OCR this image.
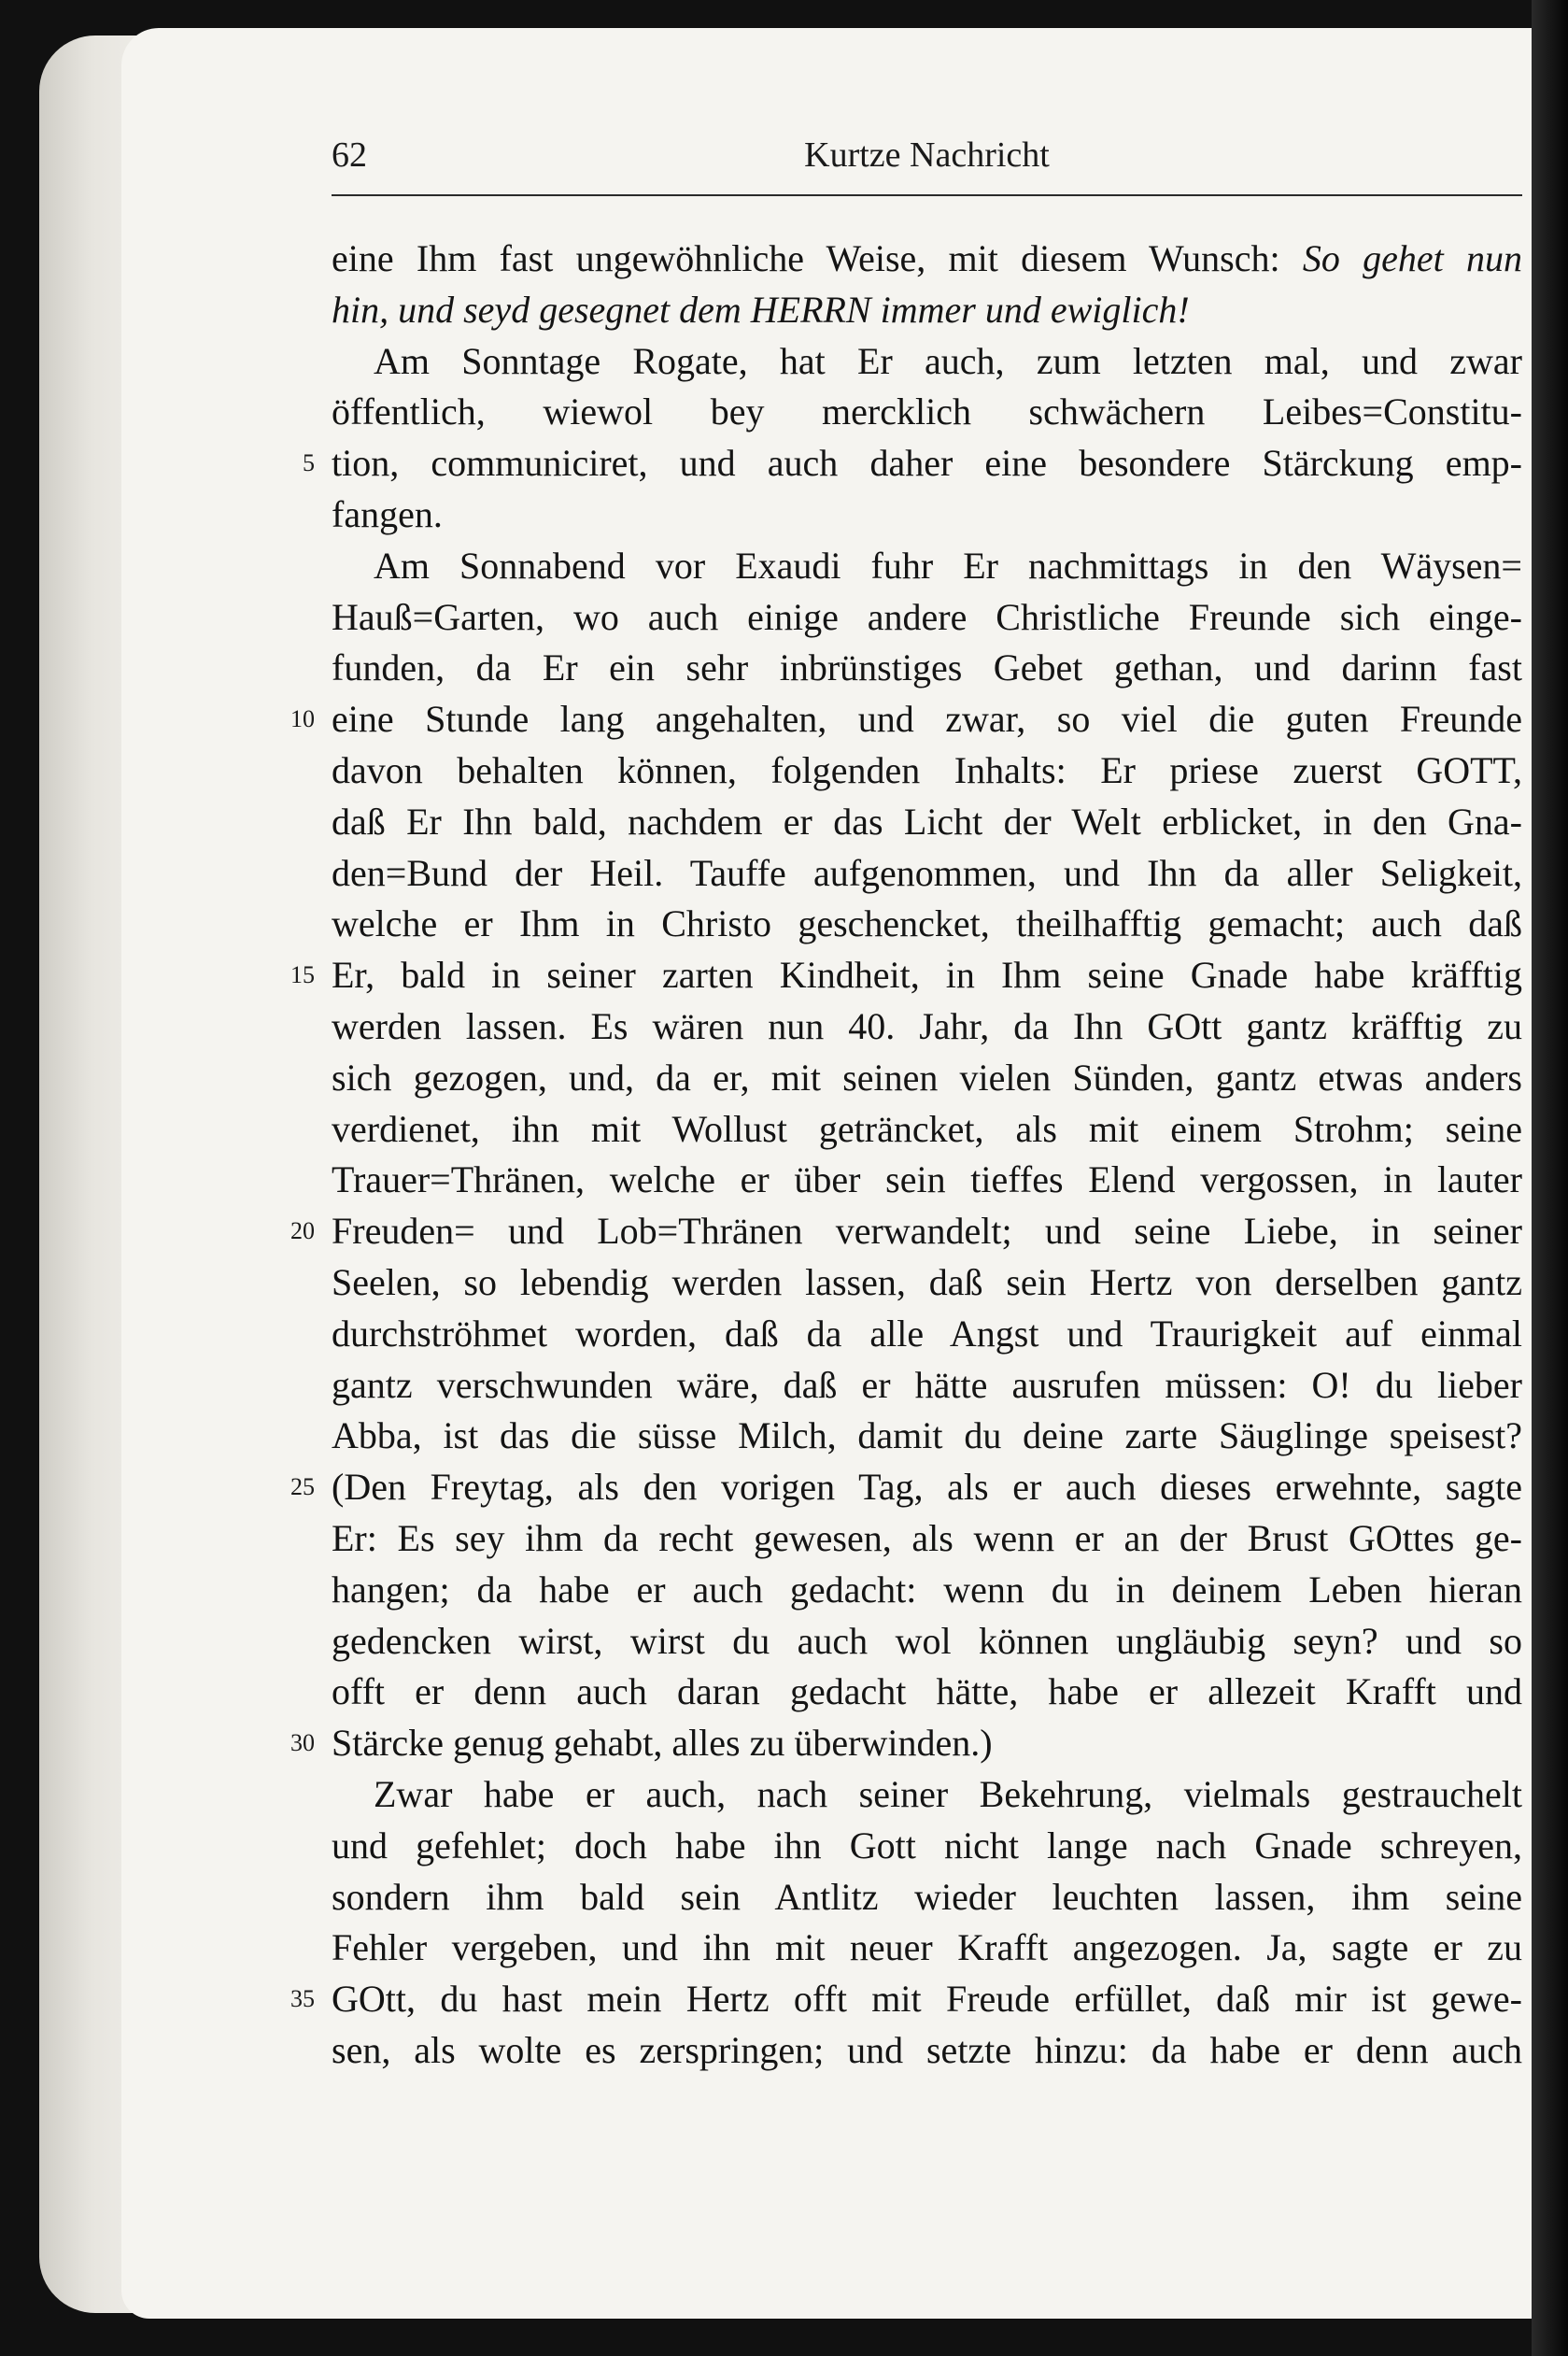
62	Kurtze Nachricht
eine Ihm fast ungewöhnliche Weise, mit diesem Wunsch: So gehet nun
hin, und seyd gesegnet dem HERRN immer und ewiglich!
Am Sonntage Rogate, hat Er auch, zum letzten mal, und zwar
öffentlich, wiewol bey mercklich schwächern Leibes=Constitu-
5 tion, communiciret, und auch daher eine besondere Stärckung emp-
fangen.
Am Sonnabend vor Exaudi fuhr Er nachmittags in den Wäysen=
Hauß=Garten, wo auch einige andere Christliche Freunde sich einge-
funden, da Er ein sehr inbrünstiges Gebet gethan, und darinn fast
10 eine Stunde lang angehalten, und zwar, so viel die guten Freunde
davon behalten können, folgenden Inhalts: Er priese zuerst GOTT,
daß Er Ihn bald, nachdem er das Licht der Welt erblicket, in den Gna-
den=Bund der Heil. Tauffe aufgenommen, und Ihn da aller Seligkeit,
welche er Ihm in Christo geschencket, theilhafftig gemacht; auch daß
15 Er, bald in seiner zarten Kindheit, in Ihm seine Gnade habe kräfftig
werden lassen. Es wären nun 40. Jahr, da Ihn GOtt gantz kräfftig zu
sich gezogen, und, da er, mit seinen vielen Sünden, gantz etwas anders
verdienet, ihn mit Wollust geträncket, als mit einem Strohm; seine
Trauer=Thränen, welche er über sein tieffes Elend vergossen, in lauter
20 Freuden= und Lob=Thränen verwandelt; und seine Liebe, in seiner
Seelen, so lebendig werden lassen, daß sein Hertz von derselben gantz
durchströhmet worden, daß da alle Angst und Traurigkeit auf einmal
gantz verschwunden wäre, daß er hätte ausrufen müssen: O! du lieber
Abba, ist das die süsse Milch, damit du deine zarte Säuglinge speisest?
25 (Den Freytag, als den vorigen Tag, als er auch dieses erwehnte, sagte
Er: Es sey ihm da recht gewesen, als wenn er an der Brust GOttes ge-
hangen; da habe er auch gedacht: wenn du in deinem Leben hieran
gedencken wirst, wirst du auch wol können ungläubig seyn? und so
offt er denn auch daran gedacht hätte, habe er allezeit Krafft und
30 Stärcke genug gehabt, alles zu überwinden.)
Zwar habe er auch, nach seiner Bekehrung, vielmals gestrauchelt
und gefehlet; doch habe ihn Gott nicht lange nach Gnade schreyen,
sondern ihm bald sein Antlitz wieder leuchten lassen, ihm seine
Fehler vergeben, und ihn mit neuer Krafft angezogen. Ja, sagte er zu
35 GOtt, du hast mein Hertz offt mit Freude erfüllet, daß mir ist gewe-
sen, als wolte es zerspringen; und setzte hinzu: da habe er denn auch
